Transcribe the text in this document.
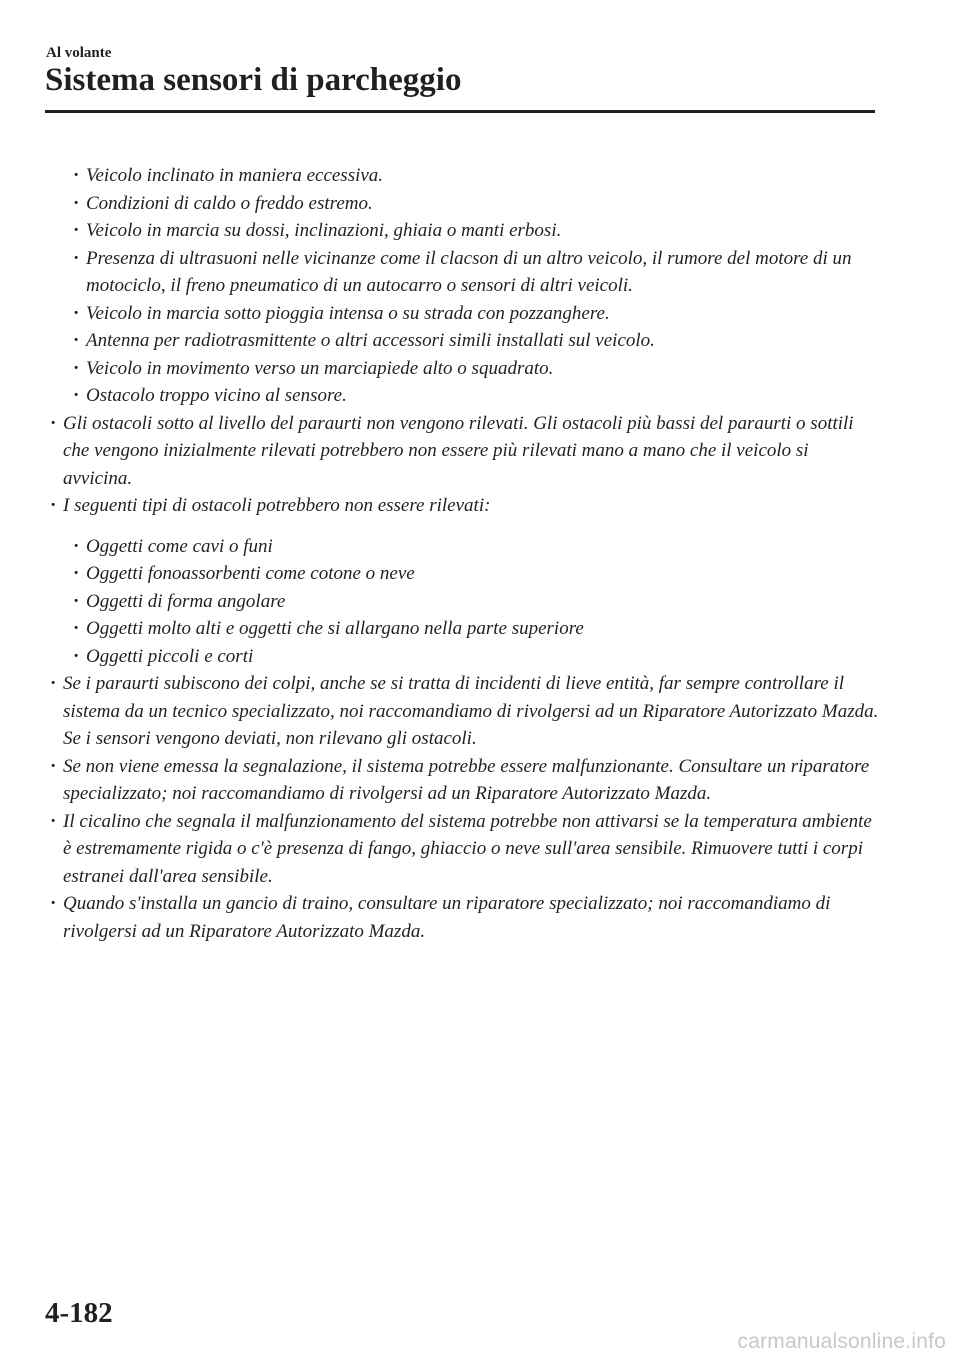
Al volante

Sistema sensori di parcheggio
· Veicolo inclinato in maniera eccessiva.
· Condizioni di caldo o freddo estremo.
· Veicolo in marcia su dossi, inclinazioni, ghiaia o manti erbosi.
· Presenza di ultrasuoni nelle vicinanze come il clacson di un altro veicolo, il rumore del motore di un motociclo, il freno pneumatico di un autocarro o sensori di altri veicoli.
· Veicolo in marcia sotto pioggia intensa o su strada con pozzanghere.
· Antenna per radiotrasmittente o altri accessori simili installati sul veicolo.
· Veicolo in movimento verso un marciapiede alto o squadrato.
· Ostacolo troppo vicino al sensore.
· Gli ostacoli sotto al livello del paraurti non vengono rilevati. Gli ostacoli più bassi del paraurti o sottili che vengono inizialmente rilevati potrebbero non essere più rilevati mano a mano che il veicolo si avvicina.
· I seguenti tipi di ostacoli potrebbero non essere rilevati:
· Oggetti come cavi o funi
· Oggetti fonoassorbenti come cotone o neve
· Oggetti di forma angolare
· Oggetti molto alti e oggetti che si allargano nella parte superiore
· Oggetti piccoli e corti
· Se i paraurti subiscono dei colpi, anche se si tratta di incidenti di lieve entità, far sempre controllare il sistema da un tecnico specializzato, noi raccomandiamo di rivolgersi ad un Riparatore Autorizzato Mazda. Se i sensori vengono deviati, non rilevano gli ostacoli.
· Se non viene emessa la segnalazione, il sistema potrebbe essere malfunzionante. Consultare un riparatore specializzato; noi raccomandiamo di rivolgersi ad un Riparatore Autorizzato Mazda.
· Il cicalino che segnala il malfunzionamento del sistema potrebbe non attivarsi se la temperatura ambiente è estremamente rigida o c'è presenza di fango, ghiaccio o neve sull'area sensibile. Rimuovere tutti i corpi estranei dall'area sensibile.
· Quando s'installa un gancio di traino, consultare un riparatore specializzato; noi raccomandiamo di rivolgersi ad un Riparatore Autorizzato Mazda.

4-182

carmanualsonline.info
